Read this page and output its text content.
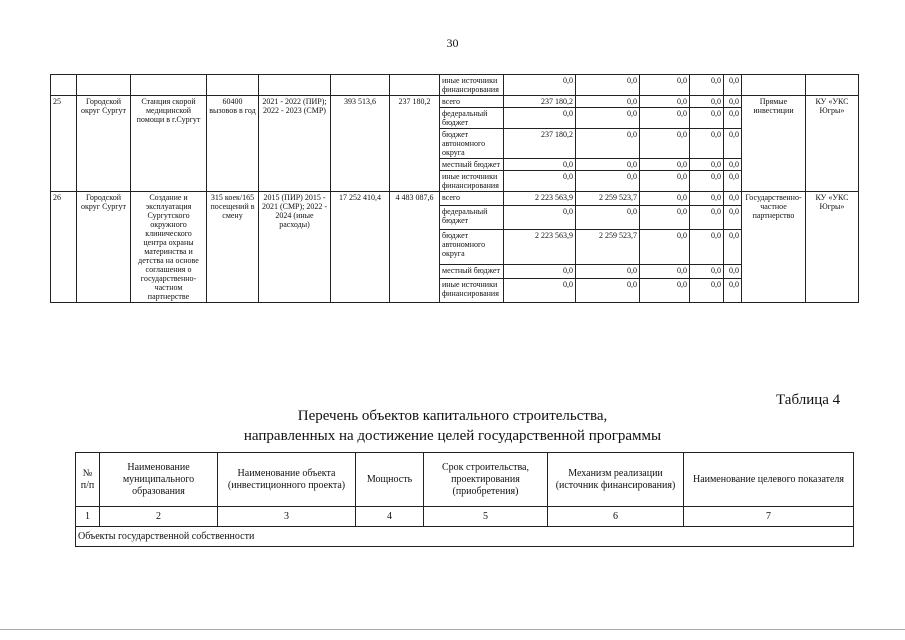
30
							иные источники финансирования	0,0	0,0	0,0	0,0	0,0		
25	Городской округ Сургут	Станция скорой медицинской помощи в г.Сургут	60400 вызовов в год	2021 - 2022 (ПИР); 2022 - 2023 (СМР)	393 513,6	237 180,2	всего	237 180,2	0,0	0,0	0,0	0,0	Прямые инвестиции	КУ «УКС Югры»
							федеральный бюджет	0,0	0,0	0,0	0,0	0,0		
							бюджет автономного округа	237 180,2	0,0	0,0	0,0	0,0		
							местный бюджет	0,0	0,0	0,0	0,0	0,0		
							иные источники финансирования	0,0	0,0	0,0	0,0	0,0		
26	Городской округ Сургут	Создание и эксплуатация Сургутского окружного клинического центра охраны материнства и детства на основе соглашения о государственно-частном партнерстве	315 коек/165 посещений в смену	2015 (ПИР) 2015 - 2021 (СМР); 2022 - 2024 (иные расходы)	17 252 410,4	4 483 087,6	всего	2 223 563,9	2 259 523,7	0,0	0,0	0,0	Государственно-частное партнерство	КУ «УКС Югры»
							федеральный бюджет	0,0	0,0	0,0	0,0	0,0		
							бюджет автономного округа	2 223 563,9	2 259 523,7	0,0	0,0	0,0		
							местный бюджет	0,0	0,0	0,0	0,0	0,0		
							иные источники финансирования	0,0	0,0	0,0	0,0	0,0		
Таблица 4
Перечень объектов капитального строительства,
направленных на достижение целей государственной программы
№ п/п	Наименование муниципального образования	Наименование объекта (инвестиционного проекта)	Мощность	Срок строительства, проектирования (приобретения)	Механизм реализации (источник финансирования)	Наименование целевого показателя
1	2	3	4	5	6	7
Объекты государственной собственности						
